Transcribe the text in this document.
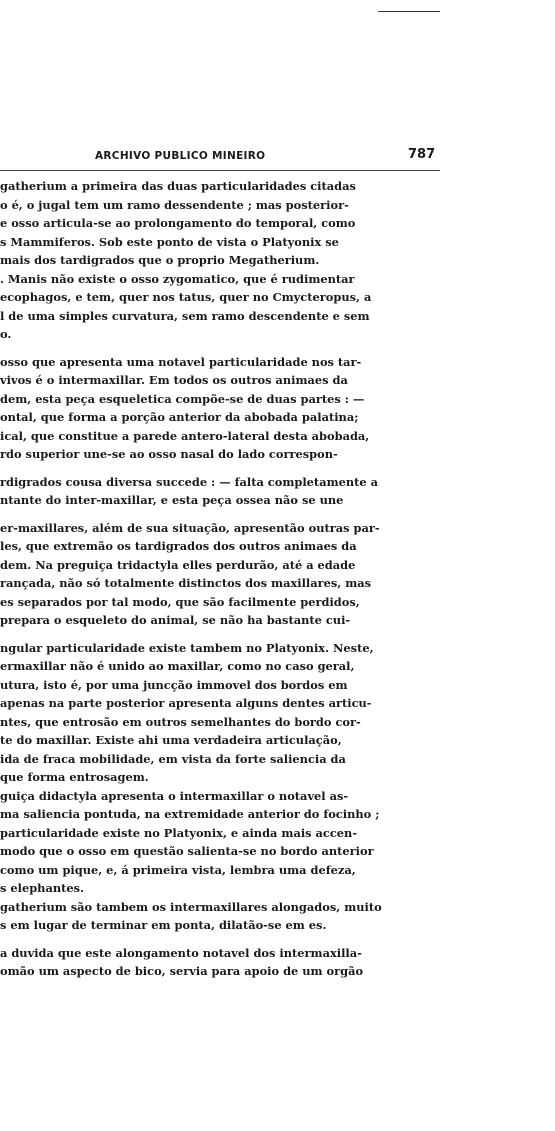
ARCHIVO PUBLICO MINEIRO	787
gatherium a primeira das duas particularidades citadas
o é, o jugal tem um ramo dessendente ; mas posterior-
e osso articula-se ao prolongamento do temporal, como
s Mammiferos. Sob este ponto de vista o Platyonix se
mais dos tardigrados que o proprio Megatherium.
. Manis não existe o osso zygomatico, que é rudimentar
ecophagos, e tem, quer nos tatus, quer no Cmycteropus, a
l de uma simples curvatura, sem ramo descendente e sem
o.
osso que apresenta uma notavel particularidade nos tar-
vivos é o intermaxillar. Em todos os outros animaes da
dem, esta peça esqueletica compõe-se de duas partes : —
ontal, que forma a porção anterior da abobada palatina;
ical, que constitue a parede antero-lateral desta abobada,
rdo superior une-se ao osso nasal do lado correspon-
rdigrados cousa diversa succede : — falta completamente a
ntante do inter-maxillar, e esta peça ossea não se une
er-maxillares, além de sua situação, apresentão outras par-
les, que extremão os tardigrados dos outros animaes da
dem. Na preguiça tridactyla elles perdurão, até a edade
rançada, não só totalmente distinctos dos maxillares, mas
es separados por tal modo, que são facilmente perdidos,
prepara o esqueleto do animal, se não ha bastante cui-
ngular particularidade existe tambem no Platyonix. Neste,
ermaxillar não é unido ao maxillar, como no caso geral,
utura, isto é, por uma juncção immovel dos bordos em
apenas na parte posterior apresenta alguns dentes articu-
ntes, que entrosão em outros semelhantes do bordo cor-
te do maxillar. Existe ahi uma verdadeira articulação,
ida de fraca mobilidade, em vista da forte saliencia da
que forma entrosagem.
guiça didactyla apresenta o intermaxillar o notavel as-
ma saliencia pontuda, na extremidade anterior do focinho ;
particularidade existe no Platyonix, e ainda mais accen-
modo que o osso em questão salienta-se no bordo anterior
como um pique, e, á primeira vista, lembra uma defeza,
s elephantes.
gatherium são tambem os intermaxillares alongados, muito
s em lugar de terminar em ponta, dilatão-se em es.
a duvida que este alongamento notavel dos intermaxilla-
omão um aspecto de bico, servia para apoio de um orgão
